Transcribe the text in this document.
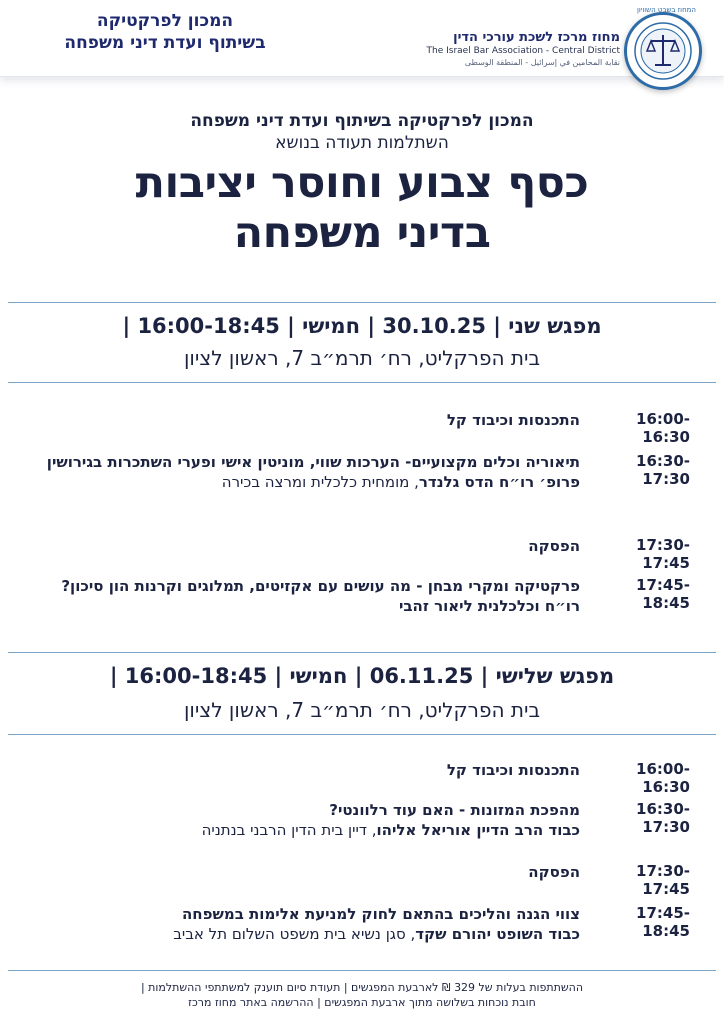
המכון לפרקטיקה
בשיתוף ועדת דיני משפחה	מחוז מרכז לשכת עורכי הדין
The Israel Bar Association - Central District
نقابة المحامين في إسرائيل - المنطقة الوسطى
המחוז בשבט השוויון
המכון לפרקטיקה בשיתוף ועדת דיני משפחה
השתלמות תעודה בנושא
כסף צבוע וחוסר יציבות
בדיני משפחה
מפגש שני | 30.10.25 | חמישי | 16:00-18:45 |
בית הפרקליט, רח׳ תרמ״ב 7, ראשון לציון
16:00-16:30
התכנסות וכיבוד קל
16:30-17:30
תיאוריה וכלים מקצועיים- הערכות שווי, מוניטין אישי ופערי השתכרות בגירושין
פרופ׳ רו״ח הדס גלנדר, מומחית כלכלית ומרצה בכירה
17:30-17:45
הפסקה
17:45-18:45
פרקטיקה ומקרי מבחן - מה עושים עם אקזיטים, תמלוגים וקרנות הון סיכון?
רו״ח וכלכלנית ליאור זהבי
מפגש שלישי | 06.11.25 | חמישי | 16:00-18:45 |
בית הפרקליט, רח׳ תרמ״ב 7, ראשון לציון
16:00-16:30
התכנסות וכיבוד קל
16:30-17:30
מהפכת המזונות - האם עוד רלוונטי?
כבוד הרב הדיין אוריאל אליהו, דיין בית הדין הרבני בנתניה
17:30-17:45
הפסקה
17:45-18:45
צווי הגנה והליכים בהתאם לחוק למניעת אלימות במשפחה
כבוד השופט יהורם שקד, סגן נשיא בית משפט השלום תל אביב
ההשתתפות בעלות של 329 ₪ לארבעת המפגשים | תעודת סיום תוענק למשתתפי ההשתלמות |
חובת נוכחות בשלושה מתוך ארבעת המפגשים | ההרשמה באתר מחוז מרכז
